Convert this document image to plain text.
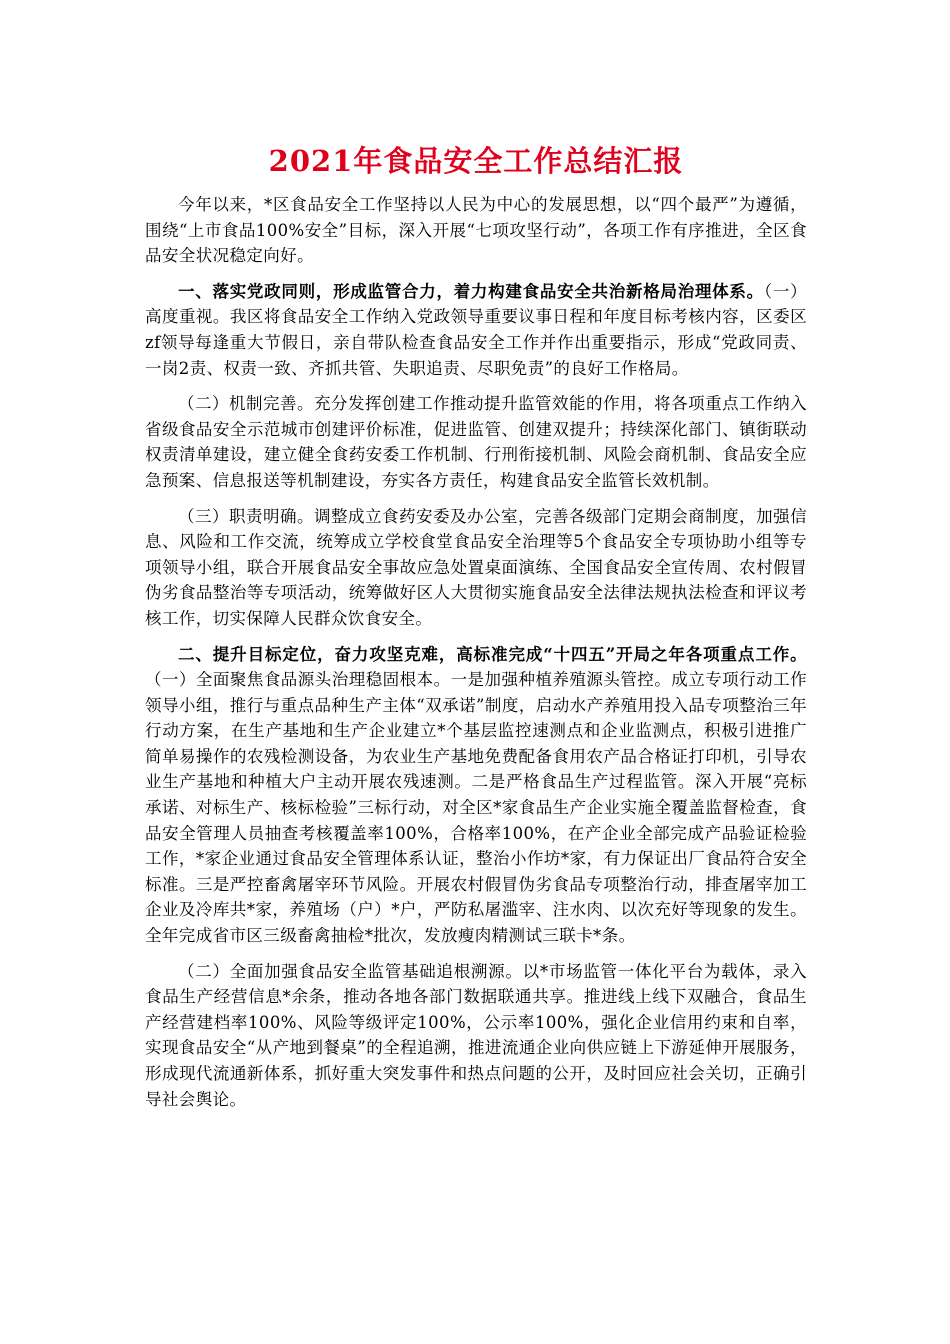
2021年食品安全工作总结汇报

今年以来，*区食品安全工作坚持以人民为中心的发展思想，以“四个最严”为遵循，围绕“上市食品100%安全”目标，深入开展“七项攻坚行动”，各项工作有序推进，全区食品安全状况稳定向好。

一、落实党政同则，形成监管合力，着力构建食品安全共治新格局治理体系。（一）高度重视。我区将食品安全工作纳入党政领导重要议事日程和年度目标考核内容，区委区zf领导每逢重大节假日，亲自带队检查食品安全工作并作出重要指示，形成“党政同责、一岗2责、权责一致、齐抓共管、失职追责、尽职免责”的良好工作格局。

（二）机制完善。充分发挥创建工作推动提升监管效能的作用，将各项重点工作纳入省级食品安全示范城市创建评价标准，促进监管、创建双提升；持续深化部门、镇街联动权责清单建设，建立健全食药安委工作机制、行刑衔接机制、风险会商机制、食品安全应急预案、信息报送等机制建设，夯实各方责任，构建食品安全监管长效机制。

（三）职责明确。调整成立食药安委及办公室，完善各级部门定期会商制度，加强信息、风险和工作交流，统筹成立学校食堂食品安全治理等5个食品安全专项协助小组等专项领导小组，联合开展食品安全事故应急处置桌面演练、全国食品安全宣传周、农村假冒伪劣食品整治等专项活动，统筹做好区人大贯彻实施食品安全法律法规执法检查和评议考核工作，切实保障人民群众饮食安全。

二、提升目标定位，奋力攻坚克难，高标准完成“十四五”开局之年各项重点工作。（一）全面聚焦食品源头治理稳固根本。一是加强种植养殖源头管控。成立专项行动工作领导小组，推行与重点品种生产主体“双承诺”制度，启动水产养殖用投入品专项整治三年行动方案，在生产基地和生产企业建立*个基层监控速测点和企业监测点，积极引进推广简单易操作的农残检测设备，为农业生产基地免费配备食用农产品合格证打印机，引导农业生产基地和种植大户主动开展农残速测。二是严格食品生产过程监管。深入开展“亮标承诺、对标生产、核标检验”三标行动，对全区*家食品生产企业实施全覆盖监督检查，食品安全管理人员抽查考核覆盖率100%，合格率100%，在产企业全部完成产品验证检验工作，*家企业通过食品安全管理体系认证，整治小作坊*家，有力保证出厂食品符合安全标准。三是严控畜禽屠宰环节风险。开展农村假冒伪劣食品专项整治行动，排查屠宰加工企业及冷库共*家，养殖场（户）*户，严防私屠滥宰、注水肉、以次充好等现象的发生。全年完成省市区三级畜禽抽检*批次，发放瘦肉精测试三联卡*条。

（二）全面加强食品安全监管基础追根溯源。以*市场监管一体化平台为载体，录入食品生产经营信息*余条，推动各地各部门数据联通共享。推进线上线下双融合，食品生产经营建档率100%、风险等级评定100%，公示率100%，强化企业信用约束和自率，实现食品安全“从产地到餐桌”的全程追溯，推进流通企业向供应链上下游延伸开展服务，形成现代流通新体系，抓好重大突发事件和热点问题的公开，及时回应社会关切，正确引导社会舆论。
